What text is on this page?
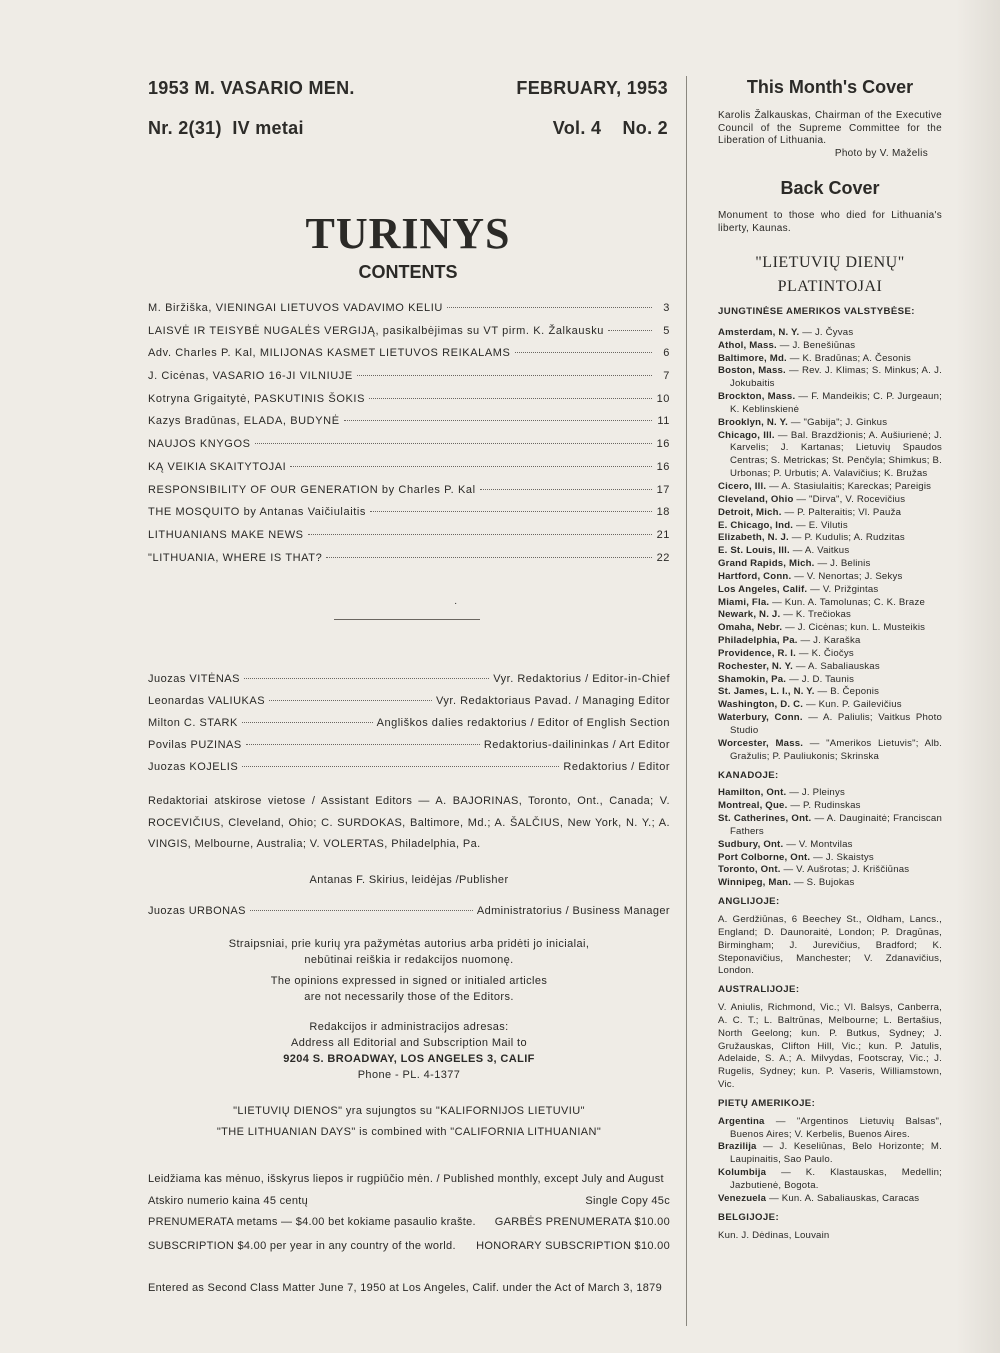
1953 M. VASARIO MEN.	FEBRUARY, 1953
Nr. 2(31)  IV metai	Vol. 4    No. 2
TURINYS
CONTENTS
M. Biržiška, VIENINGAI LIETUVOS VADAVIMO KELIU	3
LAISVĖ IR TEISYBĖ NUGALĖS VERGIJĄ, pasikalbėjimas su VT pirm. K. Žalkausku	5
Adv. Charles P. Kal, MILIJONAS KASMET LIETUVOS REIKALAMS	6
J. Cicėnas, VASARIO 16-JI VILNIUJE	7
Kotryna Grigaitytė, PASKUTINIS ŠOKIS	10
Kazys Bradūnas, ELADA, BUDYNĖ	11
NAUJOS KNYGOS	16
KĄ VEIKIA SKAITYTOJAI	16
RESPONSIBILITY OF OUR GENERATION by Charles P. Kal	17
THE MOSQUITO by Antanas Vaičiulaitis	18
LITHUANIANS MAKE NEWS	21
"LITHUANIA, WHERE IS THAT?	22
·
Juozas VITĖNAS	Vyr. Redaktorius / Editor-in-Chief
Leonardas VALIUKAS	Vyr. Redaktoriaus Pavad. / Managing Editor
Milton C. STARK	Angliškos dalies redaktorius / Editor of English Section
Povilas PUZINAS	Redaktorius-dailininkas / Art Editor
Juozas KOJELIS	Redaktorius / Editor
Redaktoriai atskirose vietose / Assistant Editors — A. BAJORINAS, Toronto, Ont., Canada; V. ROCEVIČIUS, Cleveland, Ohio; C. SURDOKAS, Baltimore, Md.; A. ŠALČIUS, New York, N. Y.; A. VINGIS, Melbourne, Australia; V. VOLERTAS, Philadelphia, Pa.
Antanas F. Skirius, leidėjas /Publisher
Juozas URBONAS	Administratorius / Business Manager
Straipsniai, prie kurių yra pažymėtas autorius arba pridėti jo inicialai,
nebūtinai reiškia ir redakcijos nuomonę.
The opinions expressed in signed or initialed articles
are not necessarily those of the Editors.
Redakcijos ir administracijos adresas:
Address all Editorial and Subscription Mail to
9204 S. BROADWAY, LOS ANGELES 3, CALIF
Phone - PL. 4-1377
"LIETUVIŲ DIENOS" yra sujungtos su "KALIFORNIJOS LIETUVIU"
"THE LITHUANIAN DAYS" is combined with "CALIFORNIA LITHUANIAN"
Leidžiama kas mėnuo, išskyrus liepos ir rugpiūčio mėn. / Published monthly, except July and August
Atskiro numerio kaina 45 centų	Single Copy 45c
PRENUMERATA metams — $4.00 bet kokiame pasaulio krašte. GARBĖS PRENUMERATA $10.00
SUBSCRIPTION $4.00 per year in any country of the world. HONORARY SUBSCRIPTION $10.00
Entered as Second Class Matter June 7, 1950 at Los Angeles, Calif. under the Act of March 3, 1879
This Month's Cover
Karolis Žalkauskas, Chairman of the Executive Council of the Supreme Committee for the Liberation of Lithuania.
Photo by V. Maželis
Back Cover
Monument to those who died for Lithuania's liberty, Kaunas.
"LIETUVIŲ DIENŲ"
PLATINTOJAI
JUNGTINĖSE AMERIKOS VALSTYBĖSE:
Amsterdam, N. Y. — J. Čyvas
Athol, Mass. — J. Benešiūnas
Baltimore, Md. — K. Bradūnas; A. Česonis
Boston, Mass. — Rev. J. Klimas; S. Minkus; A. J. Jokubaitis
Brockton, Mass. — F. Mandeikis; C. P. Jurgeaun; K. Keblinskienė
Brooklyn, N. Y. — "Gabija"; J. Ginkus
Chicago, Ill. — Bal. Brazdžionis; A. Aušiurienė; J. Karvelis; J. Kartanas; Lietuvių Spaudos Centras; S. Metrickas; St. Penčyla; Shimkus; B. Urbonas; P. Urbutis; A. Valavičius; K. Bružas
Cicero, Ill. — A. Stasiulaitis; Kareckas; Pareigis
Cleveland, Ohio — "Dirva", V. Rocevičius
Detroit, Mich. — P. Palteraitis; Vl. Pauža
E. Chicago, Ind. — E. Vilutis
Elizabeth, N. J. — P. Kudulis; A. Rudzitas
E. St. Louis, Ill. — A. Vaitkus
Grand Rapids, Mich. — J. Belinis
Hartford, Conn. — V. Nenortas; J. Sekys
Los Angeles, Calif. — V. Prižgintas
Miami, Fla. — Kun. A. Tamolunas; C. K. Braze
Newark, N. J. — K. Trečiokas
Omaha, Nebr. — J. Cicėnas; kun. L. Musteikis
Philadelphia, Pa. — J. Karaška
Providence, R. I. — K. Čiočys
Rochester, N. Y. — A. Sabaliauskas
Shamokin, Pa. — J. D. Taunis
St. James, L. I., N. Y. — B. Čeponis
Washington, D. C. — Kun. P. Gailevičius
Waterbury, Conn. — A. Paliulis; Vaitkus Photo Studio
Worcester, Mass. — "Amerikos Lietuvis"; Alb. Gražulis; P. Pauliukonis; Skrinska
KANADOJE:
Hamilton, Ont. — J. Pleinys
Montreal, Que. — P. Rudinskas
St. Catherines, Ont. — A. Dauginaitė; Franciscan Fathers
Sudbury, Ont. — V. Montvilas
Port Colborne, Ont. — J. Skaistys
Toronto, Ont. — V. Aušrotas; J. Kriščiūnas
Winnipeg, Man. — S. Bujokas
ANGLIJOJE:
A. Gerdžiūnas, 6 Beechey St., Oldham, Lancs., England; D. Daunoraitė, London; P. Dragūnas, Birmingham; J. Jurevičius, Bradford; K. Steponavičius, Manchester; V. Zdanavičius, London.
AUSTRALIJOJE:
V. Aniulis, Richmond, Vic.; Vl. Balsys, Canberra, A. C. T.; L. Baltrūnas, Melbourne; L. Bertašius, North Geelong; kun. P. Butkus, Sydney; J. Gružauskas, Clifton Hill, Vic.; kun. P. Jatulis, Adelaide, S. A.; A. Milvydas, Footscray, Vic.; J. Rugelis, Sydney; kun. P. Vaseris, Williamstown, Vic.
PIETŲ AMERIKOJE:
Argentina — "Argentinos Lietuvių Balsas", Buenos Aires; V. Kerbelis, Buenos Aires.
Brazilija — J. Keseliūnas, Belo Horizonte; M. Laupinaitis, Sao Paulo.
Kolumbija — K. Klastauskas, Medellin; Jazbutienė, Bogota.
Venezuela — Kun. A. Sabaliauskas, Caracas
BELGIJOJE:
Kun. J. Dėdinas, Louvain
